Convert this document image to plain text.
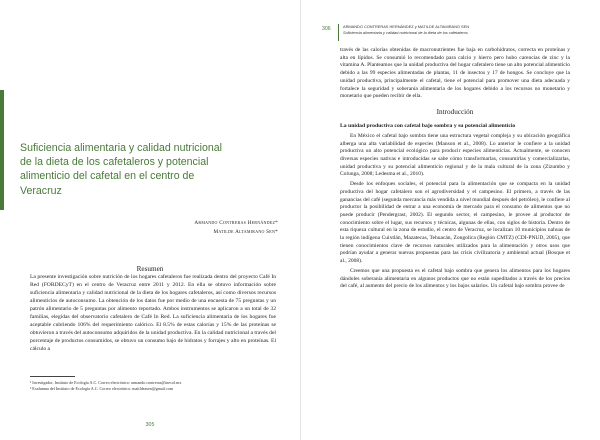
Suficiencia alimentaria y calidad nutricional de la dieta de los cafetaleros y potencial alimenticio del cafetal en el centro de Veracruz
Armando Contreras Hernández*
Matilde Altamirano Sen*
Resumen
La presente investigación sobre nutrición de los hogares cafetaleros fue realizada dentro del proyecto Café In Red (FORDECyT) en el centro de Veracruz entre 2011 y 2012. En ella se obtuvo información sobre suficiencia alimentaria y calidad nutricional de la dieta de los hogares cafetaleros, así como diversos recursos alimenticios de autoconsumo. La obtención de los datos fue por medio de una encuesta de 75 preguntas y un patrón alimentario de 5 preguntas por alimento reportado. Ambos instrumentos se aplicaron a un total de 32 familias, elegidas del observatorio cafetalero de Café In Red. La suficiencia alimentaria de los hogares fue aceptable cubriendo 106% del requerimiento calórico. El 8.5% de estas calorías y 15% de las proteínas se obtuvieron a través del autoconsumo adquiridos de la unidad productiva. En la calidad nutricional a través del porcentaje de productos consumidos, se obtuvo un consumo bajo de hidratos y forrajes y alto en proteínas. El cálculo a

¹ Investigador, Instituto de Ecología A.C. Correo electrónico: armando.contreras@inecol.mx

² Exalumna del Instituto de Ecología A.C. Correo electrónico: matildeasen@gmail.com

305
306	ARMANDO CONTRERAS HERNÁNDEZ y MATILDE ALTAMIRANO SEN

Suficiencia alimentaria y calidad nutricional de la dieta de los cafetaleros

través de las calorías obtenidas de macronutrientes fue baja en carbohidratos, correcta en proteínas y alta en lípidos. Se consumió lo recomendado para calcio y hierro pero hubo carencias de zinc y la vitamina A. Planteamos que la unidad productiva del hogar cafetalero tiene un alto potencial alimenticio debido a las 99 especies alimentadas de plantas, 11 de insectos y 17 de hongos. Se concluye que la unidad productiva, principalmente el cafetal, tiene el potencial para promover una dieta adecuada y fortalece la seguridad y soberanía alimentaria de los hogares debido a los recursos no monetario y monetario que pueden recibir de ella.

Introducción
La unidad productiva con cafetal bajo sombra y su potencial alimenticio

En México el cafetal bajo sombra tiene una estructura vegetal compleja y su ubicación geográfica alberga una alta variabilidad de especies (Manson et al., 2008). Lo anterior le confiere a la unidad productiva un alto potencial ecológico para producir especies alimenticias. Actualmente, se conocen diversas especies nativas e introducidas se sabe cómo transformarlas, consumirlas y comercializarlas, unidad productiva y su potencial alimenticio regional y de la mala cultural de la zona (Zizumbo y Colunga, 2008; Ledesma et al., 2010).

Desde los enfoques sociales, el potencial para la alimentación que se compacta en la unidad productiva del hogar cafetalero son el agrodiversidad y el campesino. El primero, a través de las ganancias del café (segunda mercancía más vendida a nivel mundial después del petróleo), le confiere al productor la posibilidad de entrar a una economía de mercado para el consumo de alimentos que no puede producir (Pendergrast, 2002). El segundo sector, el campesino, le provee al productor de conocimiento sobre el lugar, sus recursos y técnicas, algunas de ellas, con siglos de historia. Dentro de esta riqueza cultural en la zona de estudio, el centro de Veracruz, se localizan 10 municipios nahuas de la región indígena Cuixtlán, Mazatecas, Tehuacán, Zongolica (Región CMTZ) (CDI-PNUD, 2005), que tienen conocimientos clave de recursos naturales utilizados para la alimentación y otros usos que podrían ayudar a generar nuevas propuestas para las crisis civilizatoria y ambiental actual (Bosque et al., 2008).

Creemos que una propuesta es el cafetal bajo sombra que genera los alimentos para los hogares dándoles soberanía alimentaria en algunos productos que no están supeditados a través de los precios del café, al aumento del precio de los alimentos y los bajos salarios. Un cafetal bajo sombra provee de
